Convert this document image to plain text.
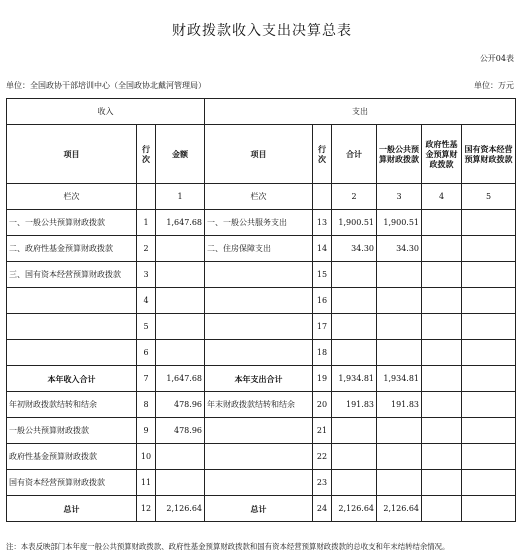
财政拨款收入支出决算总表
公开04表
单位：全国政协干部培训中心（全国政协北戴河管理局）	单位：万元
收入			支出					
项目	行次	金额	项目	行次	合计	一般公共预算财政拨款	政府性基金预算财政拨款	国有资本经营预算财政拨款
栏次		1	栏次		2	3	4	5
一、一般公共预算财政拨款	1	1,647.68	一、一般公共服务支出	13	1,900.51	1,900.51		
二、政府性基金预算财政拨款	2		二、住房保障支出	14	34.30	34.30		
三、国有资本经营预算财政拨款	3			15				
	4			16				
	5			17				
	6			18				
本年收入合计	7	1,647.68	本年支出合计	19	1,934.81	1,934.81		
年初财政拨款结转和结余	8	478.96	年末财政拨款结转和结余	20	191.83	191.83		
一般公共预算财政拨款	9	478.96		21				
政府性基金预算财政拨款	10			22				
国有资本经营预算财政拨款	11			23				
总计	12	2,126.64	总计	24	2,126.64	2,126.64		
注：本表反映部门本年度一般公共预算财政拨款、政府性基金预算财政拨款和国有资本经营预算财政拨款的总收支和年末结转结余情况。
